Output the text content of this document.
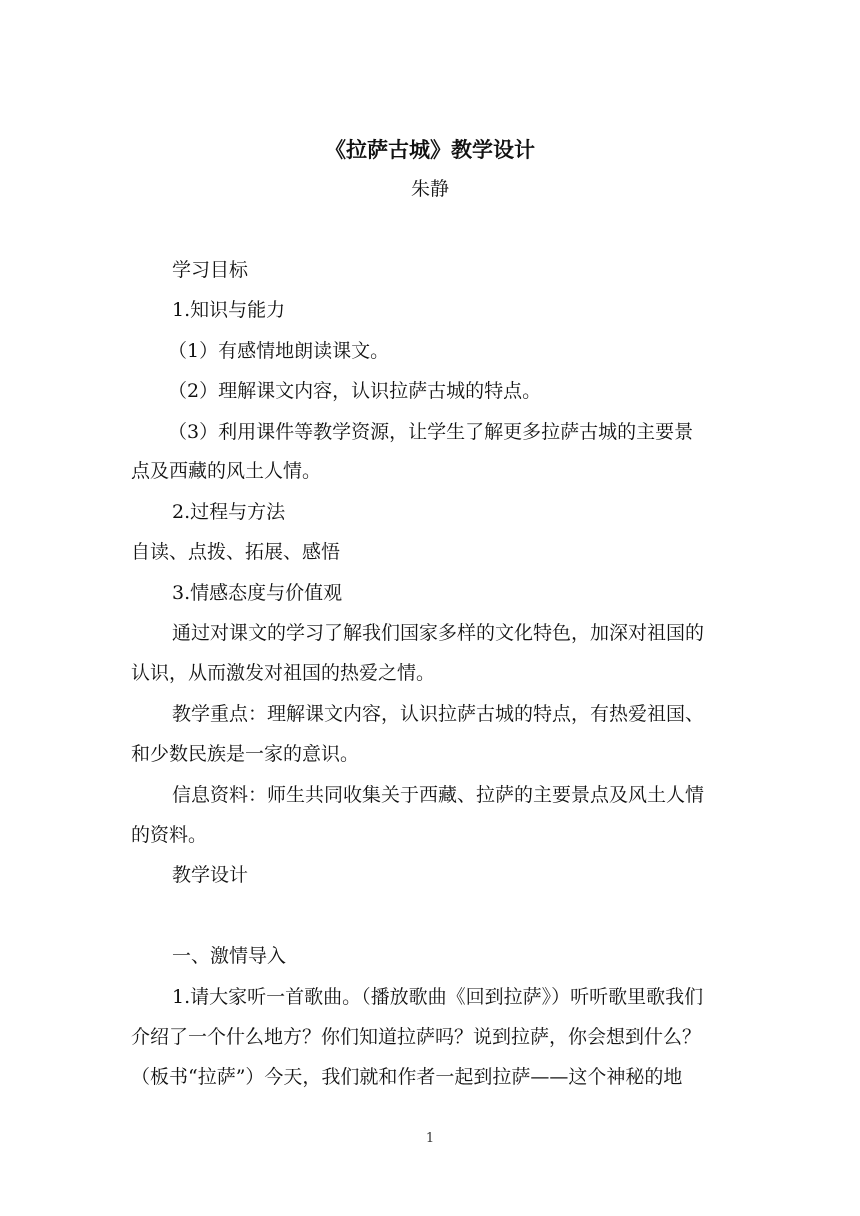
《拉萨古城》教学设计
朱静
学习目标
1.知识与能力
（1）有感情地朗读课文。
（2）理解课文内容，认识拉萨古城的特点。
（3）利用课件等教学资源，让学生了解更多拉萨古城的主要景
点及西藏的风土人情。
2.过程与方法
自读、点拨、拓展、感悟
3.情感态度与价值观
通过对课文的学习了解我们国家多样的文化特色，加深对祖国的
认识，从而激发对祖国的热爱之情。
教学重点：理解课文内容，认识拉萨古城的特点，有热爱祖国、
和少数民族是一家的意识。
信息资料：师生共同收集关于西藏、拉萨的主要景点及风土人情
的资料。
教学设计
一、激情导入
1.请大家听一首歌曲。（播放歌曲《回到拉萨》）听听歌里歌我们
介绍了一个什么地方？你们知道拉萨吗？说到拉萨，你会想到什么？
（板书“拉萨”）今天，我们就和作者一起到拉萨——这个神秘的地
1
